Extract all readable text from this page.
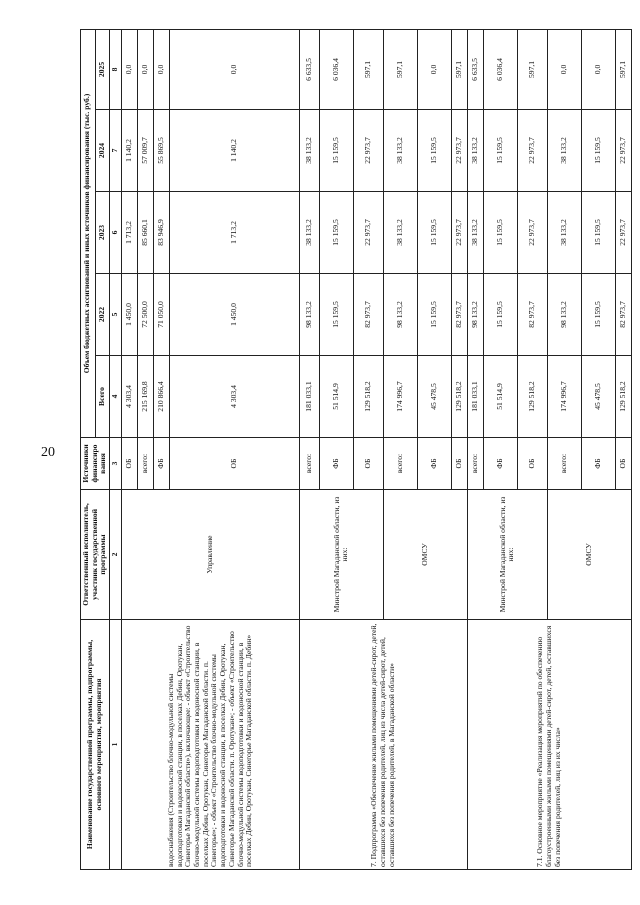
20
Наименование государственной программы, подпрограммы, основного мероприятия, мероприятия	Ответственный исполнитель, участник государственной программы	Источники финансиро вания	Объем бюджетных ассигнований и иных источников финансирования (тыс. руб.)				
			Всего	2022	2023	2024	2025
1	2	3	4	5	6	7	8
водоснабжения (Строительство блочно-модульной системы водоподготовки и водоносной станции, в поселках Дебин, Оротукан, Синегорье Магаданской области»), включающее: - объект «Строительство блочно-модульной системы водоподготовки и водоносной станции, в поселках Дебин, Оротукан, Синегорье Магаданской области. п. Синегорье»; - объект «Строительство блочно-модульной системы водоподготовки и водоносной станции, в поселках Дебин, Оротукан, Синегорье Магаданской области. п. Оротукан»; - объект «Строительство блочно-модульной системы водоподготовки и водоносной станции, в поселках Дебин, Оротукан, Синегорье Магаданской области. п. Дебин»	Управление	ОБ	4 303,4	1 450,0	1 713,2	1 140,2	0,0
		всего:	215 169,8	72 500,0	85 660,1	57 009,7	0,0
		ФБ	210 866,4	71 050,0	83 946,9	55 869,5	0,0
		ОБ	4 303,4	1 450,0	1 713,2	1 140,2	0,0
7. Подпрограмма «Обеспечение жилыми помещениями детей-сирот, детей, оставшихся без попечения родителей, лиц из числа детей-сирот, детей, оставшихся без попечения родителей, в Магаданской области»	Минстрой Магаданской области, из них:	всего:	181 033,1	98 133,2	38 133,2	38 133,2	6 633,5
		ФБ	51 514,9	15 159,5	15 159,5	15 159,5	6 036,4
		ОБ	129 518,2	82 973,7	22 973,7	22 973,7	597,1
	ОМСУ	всего:	174 996,7	98 133,2	38 133,2	38 133,2	597,1
		ФБ	45 478,5	15 159,5	15 159,5	15 159,5	0,0
		ОБ	129 518,2	82 973,7	22 973,7	22 973,7	597,1
7.1. Основное мероприятие «Реализация мероприятий по обеспечению благоустроенными жилыми помещениями детей-сирот, детей, оставшихся без попечения родителей, лиц из их числа»	Минстрой Магаданской области, из них:	всего:	181 033,1	98 133,2	38 133,2	38 133,2	6 633,5
		ФБ	51 514,9	15 159,5	15 159,5	15 159,5	6 036,4
		ОБ	129 518,2	82 973,7	22 973,7	22 973,7	597,1
	ОМСУ	всего:	174 996,7	98 133,2	38 133,2	38 133,2	0,0
		ФБ	45 478,5	15 159,5	15 159,5	15 159,5	0,0
		ОБ	129 518,2	82 973,7	22 973,7	22 973,7	597,1
